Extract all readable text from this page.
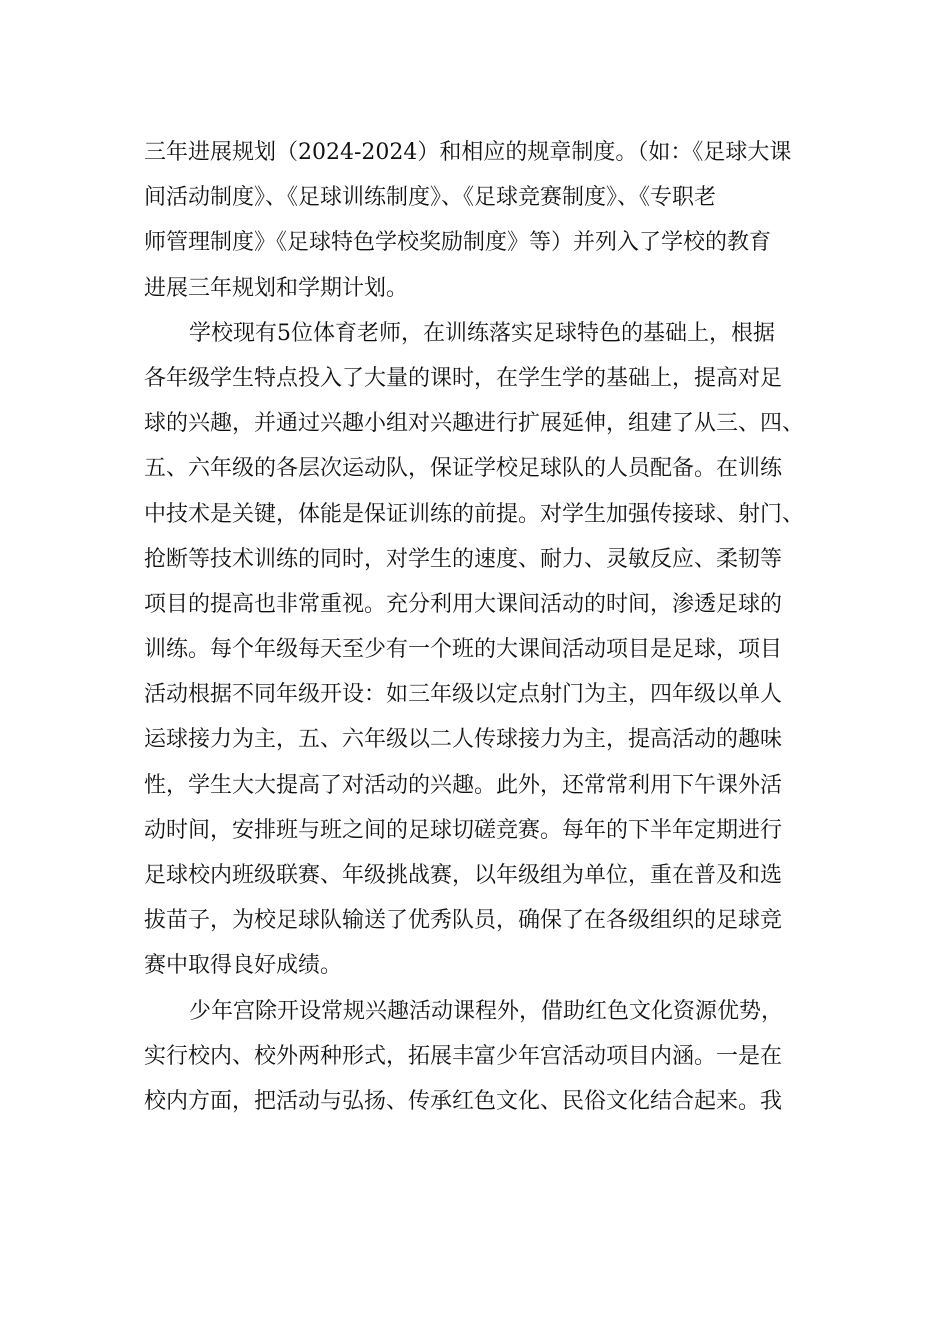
三年进展规划（2024-2024）和相应的规章制度。（如：《足球大课
间活动制度》、《足球训练制度》、《足球竞赛制度》、《专职老
师管理制度》《足球特色学校奖励制度》等）并列入了学校的教育
进展三年规划和学期计划。
学校现有5位体育老师，在训练落实足球特色的基础上，根据
各年级学生特点投入了大量的课时，在学生学的基础上，提高对足
球的兴趣，并通过兴趣小组对兴趣进行扩展延伸，组建了从三、四、
五、六年级的各层次运动队，保证学校足球队的人员配备。在训练
中技术是关键，体能是保证训练的前提。对学生加强传接球、射门、
抢断等技术训练的同时，对学生的速度、耐力、灵敏反应、柔韧等
项目的提高也非常重视。充分利用大课间活动的时间，渗透足球的
训练。每个年级每天至少有一个班的大课间活动项目是足球，项目
活动根据不同年级开设：如三年级以定点射门为主，四年级以单人
运球接力为主，五、六年级以二人传球接力为主，提高活动的趣味
性，学生大大提高了对活动的兴趣。此外，还常常利用下午课外活
动时间，安排班与班之间的足球切磋竞赛。每年的下半年定期进行
足球校内班级联赛、年级挑战赛，以年级组为单位，重在普及和选
拔苗子，为校足球队输送了优秀队员，确保了在各级组织的足球竞
赛中取得良好成绩。
少年宫除开设常规兴趣活动课程外，借助红色文化资源优势，
实行校内、校外两种形式，拓展丰富少年宫活动项目内涵。一是在
校内方面，把活动与弘扬、传承红色文化、民俗文化结合起来。我
